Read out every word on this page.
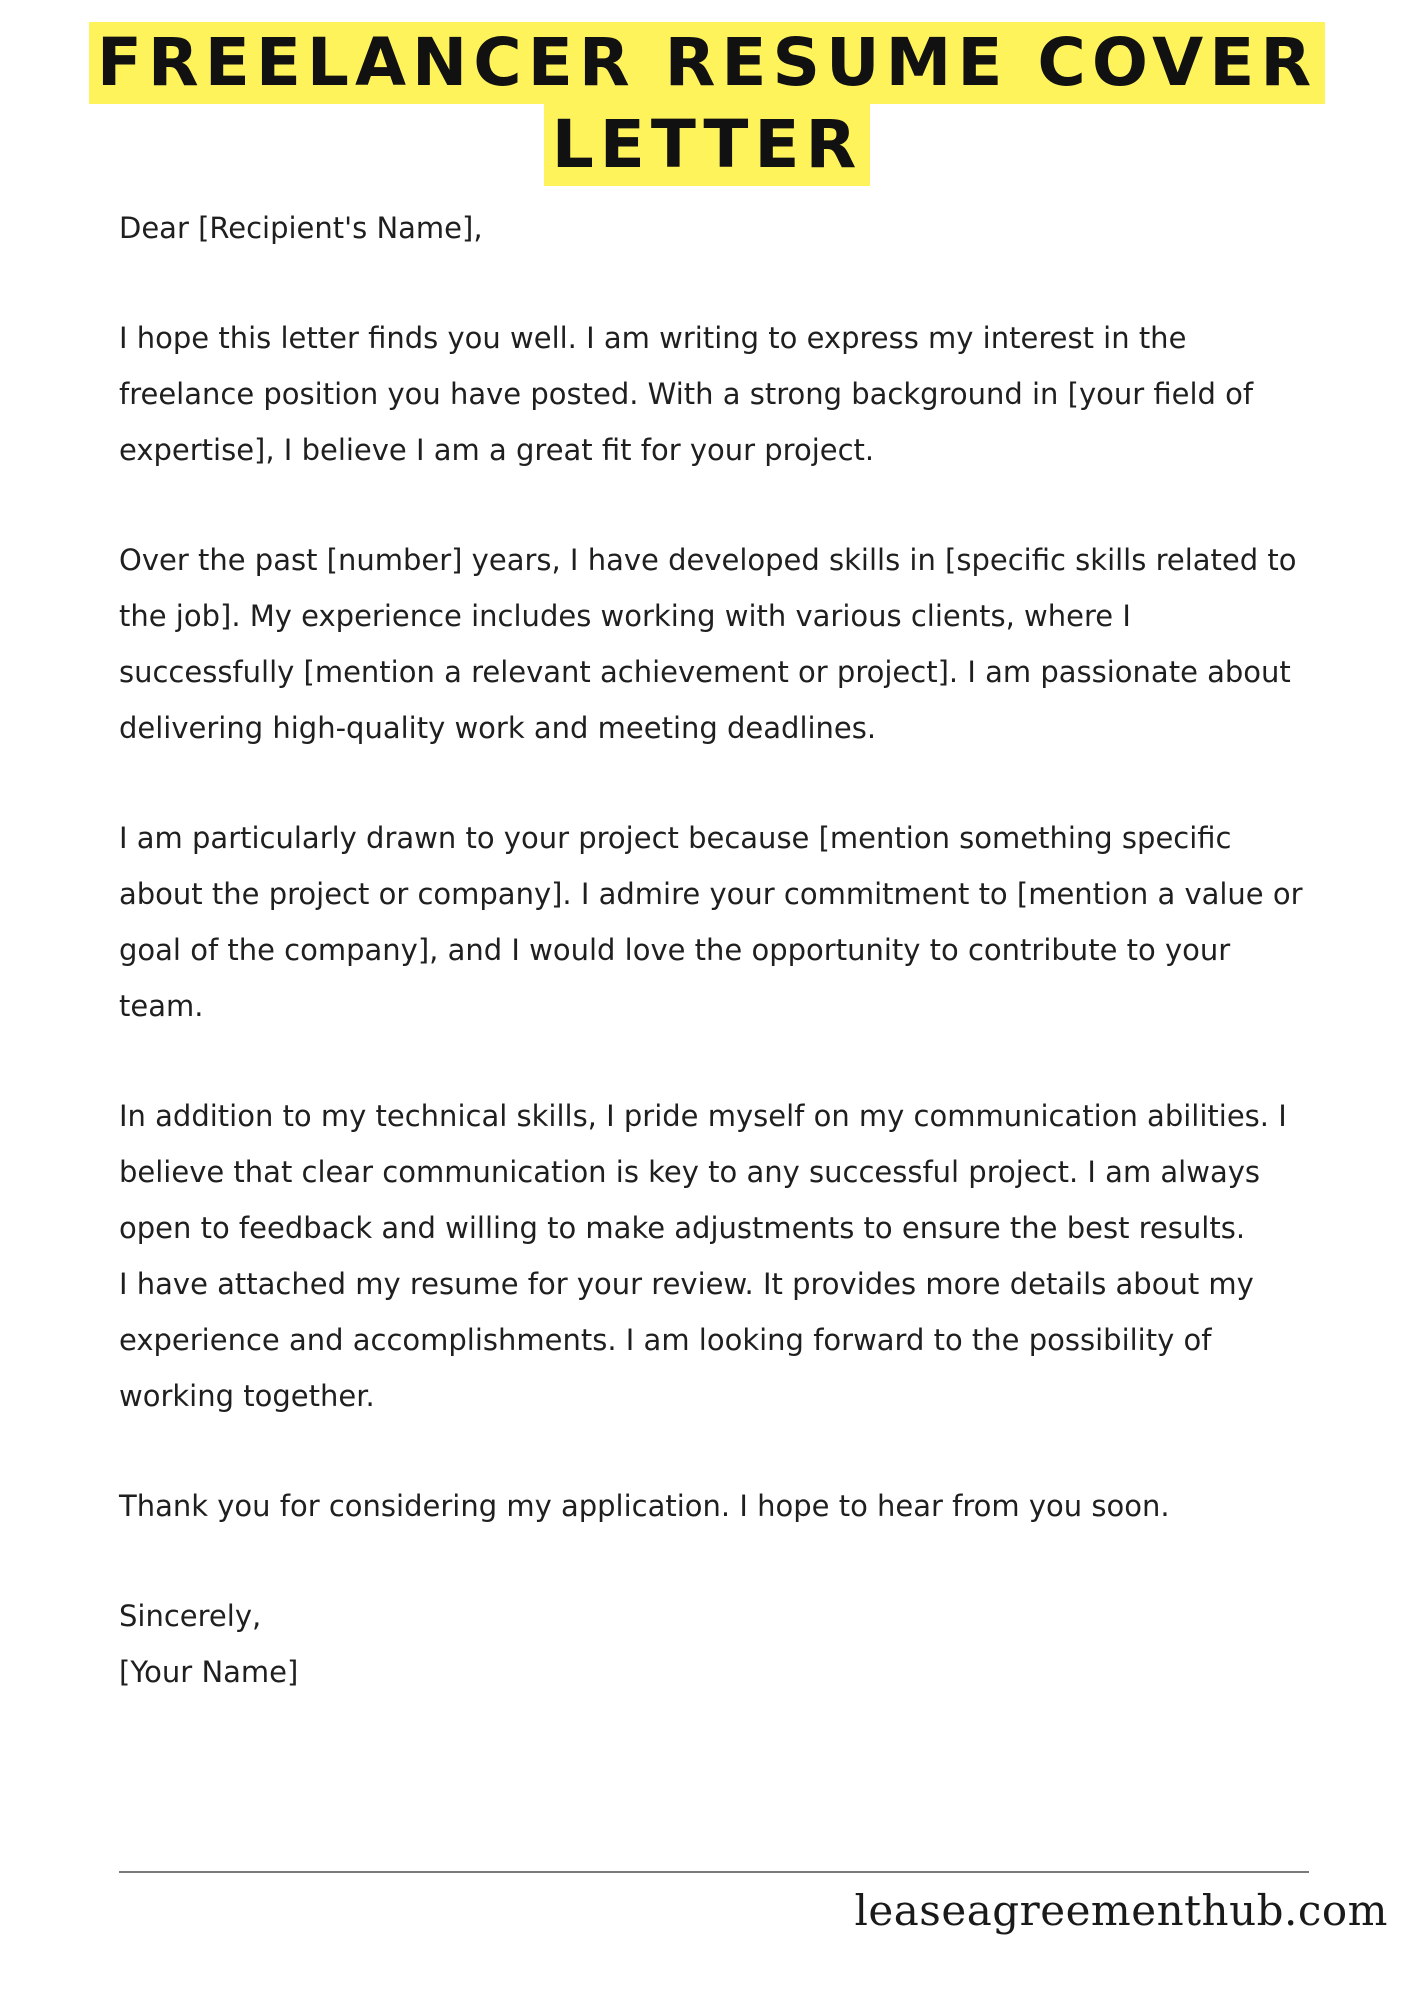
FREELANCER RESUME COVER
LETTER

Dear [Recipient's Name],

I hope this letter finds you well. I am writing to express my interest in the freelance position you have posted. With a strong background in [your field of expertise], I believe I am a great fit for your project.

Over the past [number] years, I have developed skills in [specific skills related to the job]. My experience includes working with various clients, where I successfully [mention a relevant achievement or project]. I am passionate about delivering high-quality work and meeting deadlines.

I am particularly drawn to your project because [mention something specific about the project or company]. I admire your commitment to [mention a value or goal of the company], and I would love the opportunity to contribute to your team.

In addition to my technical skills, I pride myself on my communication abilities. I believe that clear communication is key to any successful project. I am always open to feedback and willing to make adjustments to ensure the best results.

I have attached my resume for your review. It provides more details about my experience and accomplishments. I am looking forward to the possibility of working together.

Thank you for considering my application. I hope to hear from you soon.

Sincerely,

[Your Name]

leaseagreementhub.com
